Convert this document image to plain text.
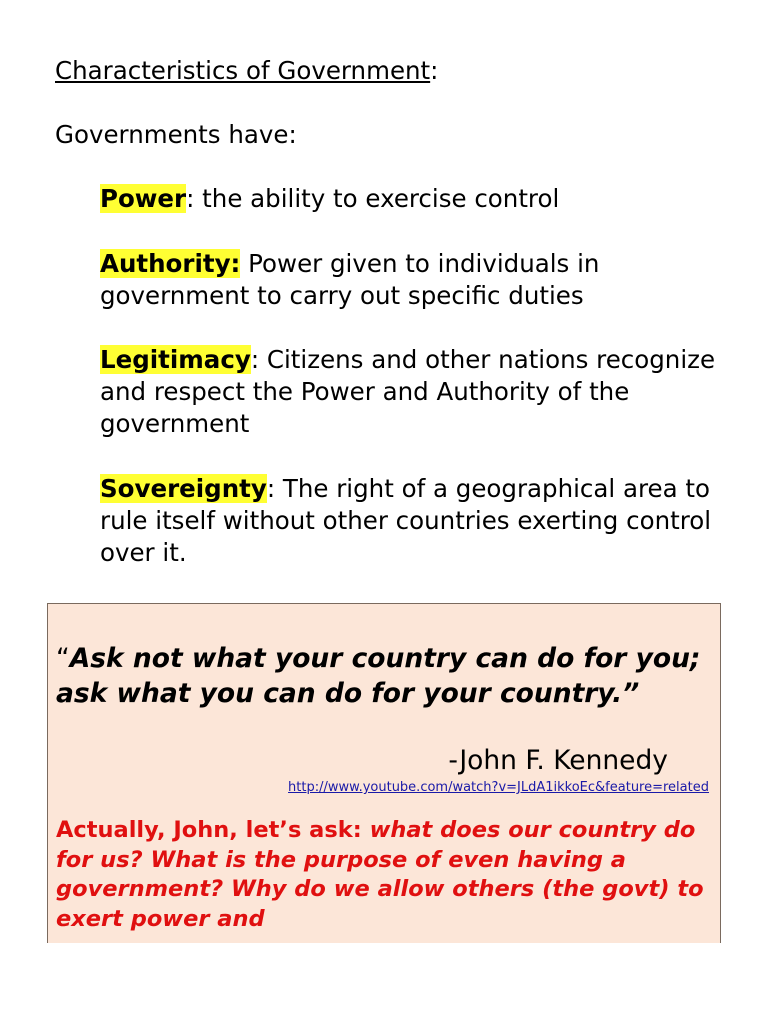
Characteristics of Government:
Governments have:
Power: the ability to exercise control
Authority: Power given to individuals in government to carry out specific duties
Legitimacy: Citizens and other nations recognize and respect the Power and Authority of the government
Sovereignty: The right of a geographical area to rule itself without other countries exerting control over it.
“Ask not what your country can do for you; ask what you can do for your country.”
-John F. Kennedy
http://www.youtube.com/watch?v=JLdA1ikkoEc&feature=related
Actually, John, let’s ask: what does our country do for us? What is the purpose of even having a government? Why do we allow others (the govt) to exert power and
